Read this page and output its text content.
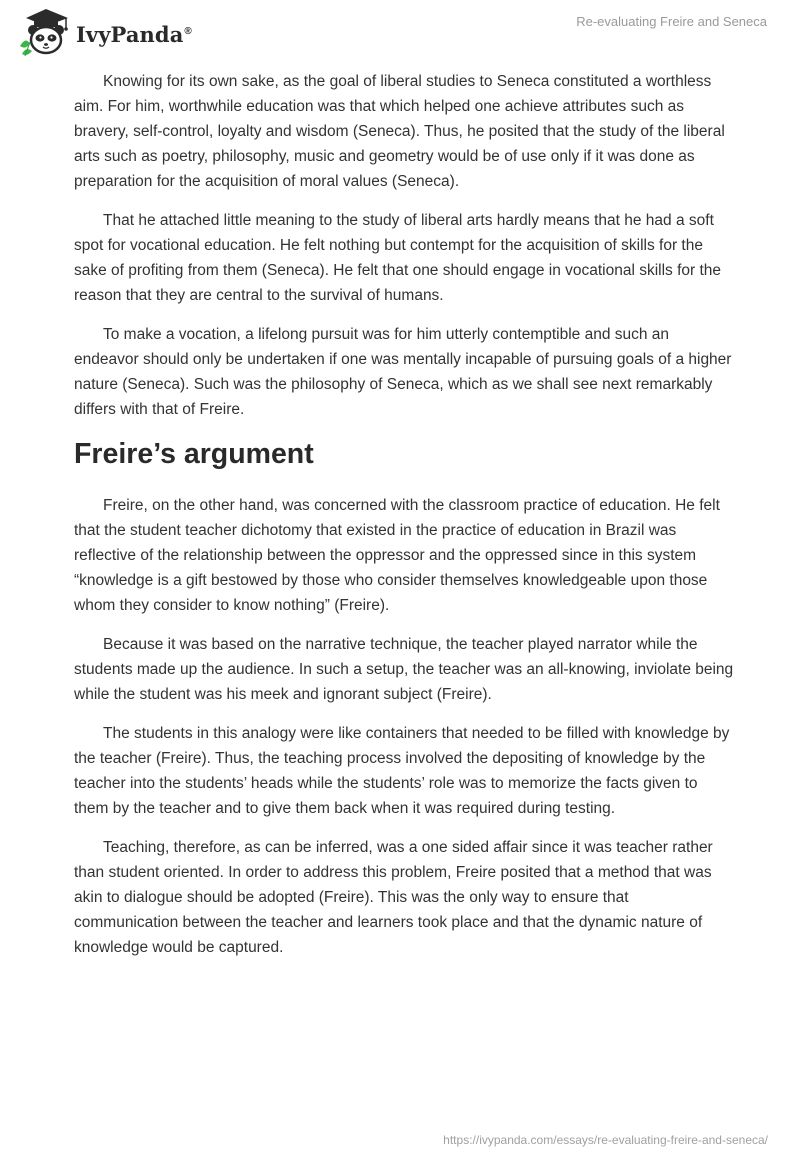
IvyPanda®
Re-evaluating Freire and Seneca

Knowing for its own sake, as the goal of liberal studies to Seneca constituted a worthless aim. For him, worthwhile education was that which helped one achieve attributes such as bravery, self-control, loyalty and wisdom (Seneca). Thus, he posited that the study of the liberal arts such as poetry, philosophy, music and geometry would be of use only if it was done as preparation for the acquisition of moral values (Seneca).

That he attached little meaning to the study of liberal arts hardly means that he had a soft spot for vocational education. He felt nothing but contempt for the acquisition of skills for the sake of profiting from them (Seneca). He felt that one should engage in vocational skills for the reason that they are central to the survival of humans.

To make a vocation, a lifelong pursuit was for him utterly contemptible and such an endeavor should only be undertaken if one was mentally incapable of pursuing goals of a higher nature (Seneca). Such was the philosophy of Seneca, which as we shall see next remarkably differs with that of Freire.

Freire’s argument

Freire, on the other hand, was concerned with the classroom practice of education. He felt that the student teacher dichotomy that existed in the practice of education in Brazil was reflective of the relationship between the oppressor and the oppressed since in this system “knowledge is a gift bestowed by those who consider themselves knowledgeable upon those whom they consider to know nothing” (Freire).

Because it was based on the narrative technique, the teacher played narrator while the students made up the audience. In such a setup, the teacher was an all-knowing, inviolate being while the student was his meek and ignorant subject (Freire).

The students in this analogy were like containers that needed to be filled with knowledge by the teacher (Freire). Thus, the teaching process involved the depositing of knowledge by the teacher into the students’ heads while the students’ role was to memorize the facts given to them by the teacher and to give them back when it was required during testing.

Teaching, therefore, as can be inferred, was a one sided affair since it was teacher rather than student oriented. In order to address this problem, Freire posited that a method that was akin to dialogue should be adopted (Freire). This was the only way to ensure that communication between the teacher and learners took place and that the dynamic nature of knowledge would be captured.

https://ivypanda.com/essays/re-evaluating-freire-and-seneca/
